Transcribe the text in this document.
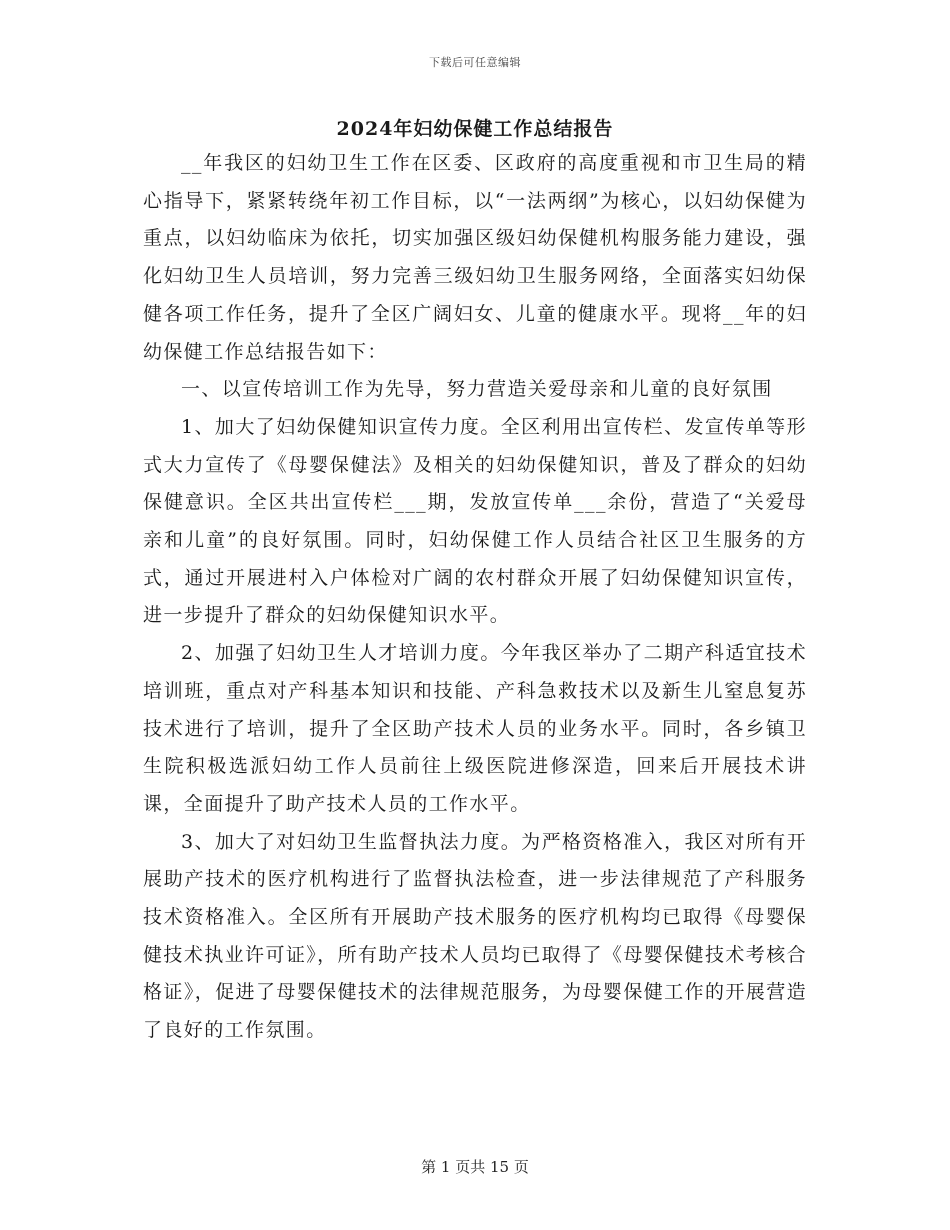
下载后可任意编辑
2024年妇幼保健工作总结报告

__年我区的妇幼卫生工作在区委、区政府的高度重视和市卫生局的精心指导下，紧紧转绕年初工作目标，以“一法两纲”为核心，以妇幼保健为重点，以妇幼临床为依托，切实加强区级妇幼保健机构服务能力建设，强化妇幼卫生人员培训，努力完善三级妇幼卫生服务网络，全面落实妇幼保健各项工作任务，提升了全区广阔妇女、儿童的健康水平。现将__年的妇幼保健工作总结报告如下：

一、以宣传培训工作为先导，努力营造关爱母亲和儿童的良好氛围

1、加大了妇幼保健知识宣传力度。全区利用出宣传栏、发宣传单等形式大力宣传了《母婴保健法》及相关的妇幼保健知识，普及了群众的妇幼保健意识。全区共出宣传栏___期，发放宣传单___余份，营造了“关爱母亲和儿童”的良好氛围。同时，妇幼保健工作人员结合社区卫生服务的方式，通过开展进村入户体检对广阔的农村群众开展了妇幼保健知识宣传，进一步提升了群众的妇幼保健知识水平。

2、加强了妇幼卫生人才培训力度。今年我区举办了二期产科适宜技术培训班，重点对产科基本知识和技能、产科急救技术以及新生儿窒息复苏技术进行了培训，提升了全区助产技术人员的业务水平。同时，各乡镇卫生院积极选派妇幼工作人员前往上级医院进修深造，回来后开展技术讲课，全面提升了助产技术人员的工作水平。

3、加大了对妇幼卫生监督执法力度。为严格资格准入，我区对所有开展助产技术的医疗机构进行了监督执法检查，进一步法律规范了产科服务技术资格准入。全区所有开展助产技术服务的医疗机构均已取得《母婴保健技术执业许可证》，所有助产技术人员均已取得了《母婴保健技术考核合格证》，促进了母婴保健技术的法律规范服务，为母婴保健工作的开展营造了良好的工作氛围。

第 1 页共 15 页
